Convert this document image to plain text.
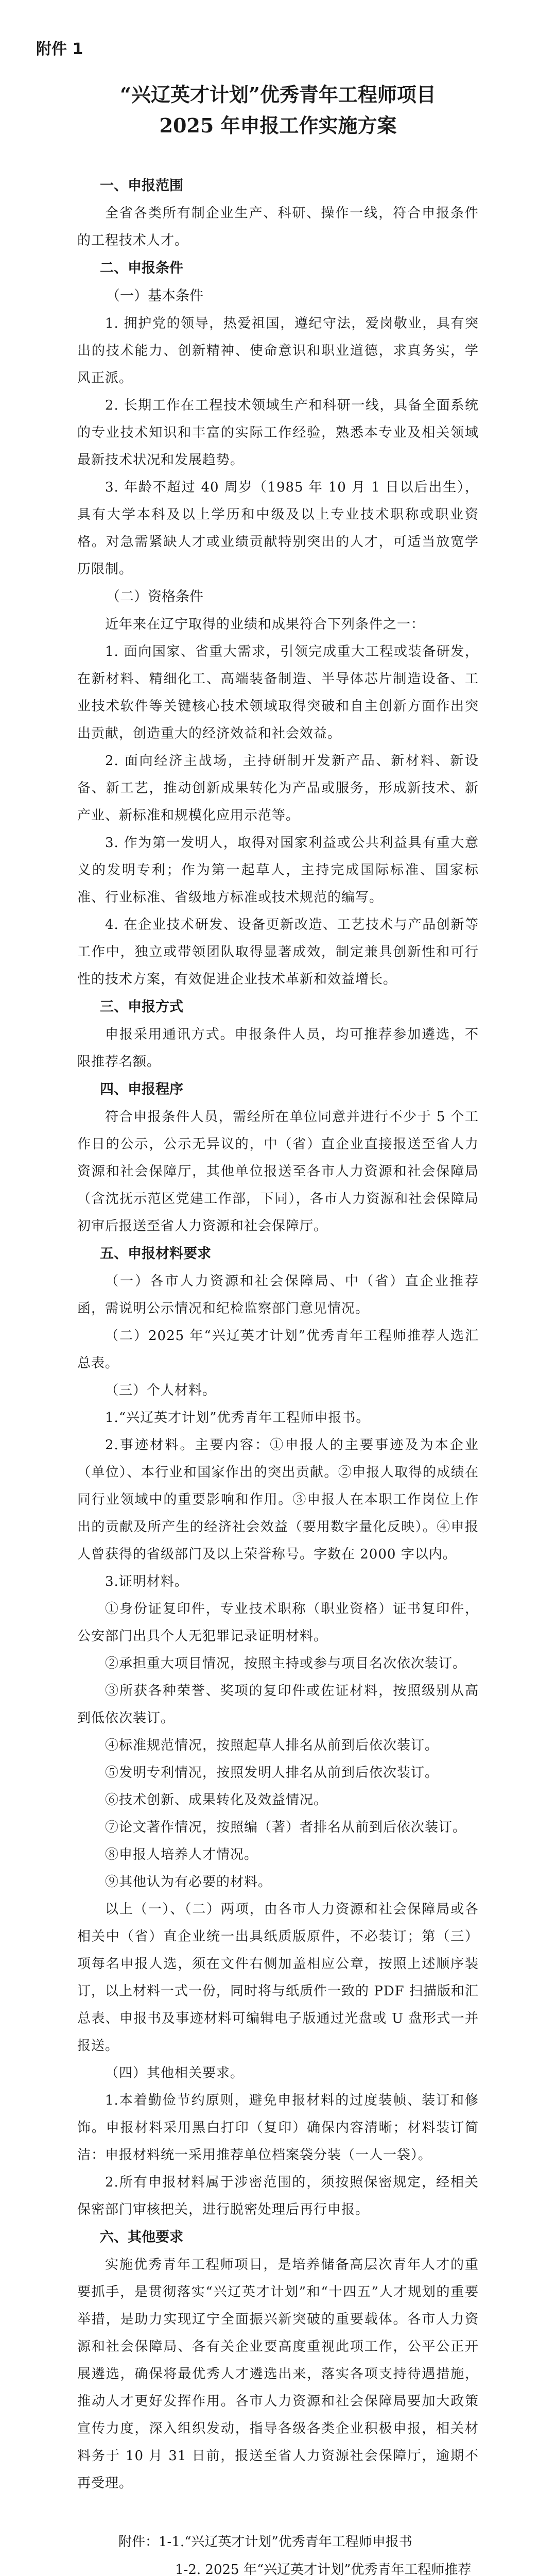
附件 1
“兴辽英才计划”优秀青年工程师项目
2025 年申报工作实施方案
一、申报范围

全省各类所有制企业生产、科研、操作一线，符合申报条件的工程技术人才。

二、申报条件
（一）基本条件

1. 拥护党的领导，热爱祖国，遵纪守法，爱岗敬业，具有突出的技术能力、创新精神、使命意识和职业道德，求真务实，学风正派。

2. 长期工作在工程技术领域生产和科研一线，具备全面系统的专业技术知识和丰富的实际工作经验，熟悉本专业及相关领域最新技术状况和发展趋势。

3. 年龄不超过 40 周岁（1985 年 10 月 1 日以后出生），具有大学本科及以上学历和中级及以上专业技术职称或职业资格。对急需紧缺人才或业绩贡献特别突出的人才，可适当放宽学历限制。

（二）资格条件

近年来在辽宁取得的业绩和成果符合下列条件之一：

1. 面向国家、省重大需求，引领完成重大工程或装备研发，在新材料、精细化工、高端装备制造、半导体芯片制造设备、工业技术软件等关键核心技术领域取得突破和自主创新方面作出突出贡献，创造重大的经济效益和社会效益。

2. 面向经济主战场，主持研制开发新产品、新材料、新设备、新工艺，推动创新成果转化为产品或服务，形成新技术、新产业、新标准和规模化应用示范等。

3. 作为第一发明人，取得对国家利益或公共利益具有重大意义的发明专利；作为第一起草人，主持完成国际标准、国家标准、行业标准、省级地方标准或技术规范的编写。

4. 在企业技术研发、设备更新改造、工艺技术与产品创新等工作中，独立或带领团队取得显著成效，制定兼具创新性和可行性的技术方案，有效促进企业技术革新和效益增长。

三、申报方式

申报采用通讯方式。申报条件人员，均可推荐参加遴选，不限推荐名额。

四、申报程序

符合申报条件人员，需经所在单位同意并进行不少于 5 个工作日的公示，公示无异议的，中（省）直企业直接报送至省人力资源和社会保障厅，其他单位报送至各市人力资源和社会保障局（含沈抚示范区党建工作部，下同），各市人力资源和社会保障局初审后报送至省人力资源和社会保障厅。

五、申报材料要求

（一）各市人力资源和社会保障局、中（省）直企业推荐函，需说明公示情况和纪检监察部门意见情况。

（二）2025 年“兴辽英才计划”优秀青年工程师推荐人选汇总表。

（三）个人材料。

1.“兴辽英才计划”优秀青年工程师申报书。

2.事迹材料。主要内容：①申报人的主要事迹及为本企业（单位）、本行业和国家作出的突出贡献。②申报人取得的成绩在同行业领域中的重要影响和作用。③申报人在本职工作岗位上作出的贡献及所产生的经济社会效益（要用数字量化反映）。④申报人曾获得的省级部门及以上荣誉称号。字数在 2000 字以内。

3.证明材料。

①身份证复印件，专业技术职称（职业资格）证书复印件，公安部门出具个人无犯罪记录证明材料。

②承担重大项目情况，按照主持或参与项目名次依次装订。

③所获各种荣誉、奖项的复印件或佐证材料，按照级别从高到低依次装订。

④标准规范情况，按照起草人排名从前到后依次装订。

⑤发明专利情况，按照发明人排名从前到后依次装订。

⑥技术创新、成果转化及效益情况。

⑦论文著作情况，按照编（著）者排名从前到后依次装订。

⑧申报人培养人才情况。

⑨其他认为有必要的材料。

以上（一）、（二）两项，由各市人力资源和社会保障局或各相关中（省）直企业统一出具纸质版原件，不必装订；第（三）项每名申报人选，须在文件右侧加盖相应公章，按照上述顺序装订，以上材料一式一份，同时将与纸质件一致的 PDF 扫描版和汇总表、申报书及事迹材料可编辑电子版通过光盘或 U 盘形式一并报送。

（四）其他相关要求。

1.本着勤俭节约原则，避免申报材料的过度装帧、装订和修饰。申报材料采用黑白打印（复印）确保内容清晰；材料装订简洁：申报材料统一采用推荐单位档案袋分装（一人一袋）。

2.所有申报材料属于涉密范围的，须按照保密规定，经相关保密部门审核把关，进行脱密处理后再行申报。

六、其他要求

实施优秀青年工程师项目，是培养储备高层次青年人才的重要抓手，是贯彻落实“兴辽英才计划”和“十四五”人才规划的重要举措，是助力实现辽宁全面振兴新突破的重要载体。各市人力资源和社会保障局、各有关企业要高度重视此项工作，公平公正开展遴选，确保将最优秀人才遴选出来，落实各项支持待遇措施，推动人才更好发挥作用。各市人力资源和社会保障局要加大政策宣传力度，深入组织发动，指导各级各类企业积极申报，相关材料务于 10 月 31 日前，报送至省人力资源社会保障厅，逾期不再受理。

附件：1-1.“兴辽英才计划”优秀青年工程师申报书
1-2. 2025 年“兴辽英才计划”优秀青年工程师推荐
